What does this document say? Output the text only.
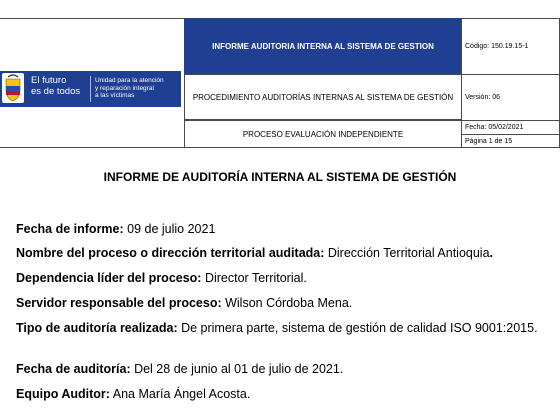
El futuro
es de todos
Unidad para la atención
y reparación integral
a las víctimas
INFORME AUDITORIA INTERNA AL SISTEMA DE GESTION
PROCEDIMIENTO AUDITORÍAS INTERNAS AL SISTEMA DE GESTIÓN
PROCESO EVALUACIÓN INDEPENDIENTE
Código: 150.19.15-1
Versión: 06
Fecha: 05/02/2021
Página 1 de 15
INFORME DE AUDITORÍA INTERNA AL SISTEMA DE GESTIÓN
Fecha de informe: 09 de julio 2021
Nombre del proceso o dirección territorial auditada: Dirección Territorial Antioquia.
Dependencia líder del proceso: Director Territorial.
Servidor responsable del proceso: Wilson Córdoba Mena.
Tipo de auditoría realizada: De primera parte, sistema de gestión de calidad ISO 9001:2015.
Fecha de auditoría: Del 28 de junio al 01 de julio de 2021.
Equipo Auditor: Ana María Ángel Acosta.
